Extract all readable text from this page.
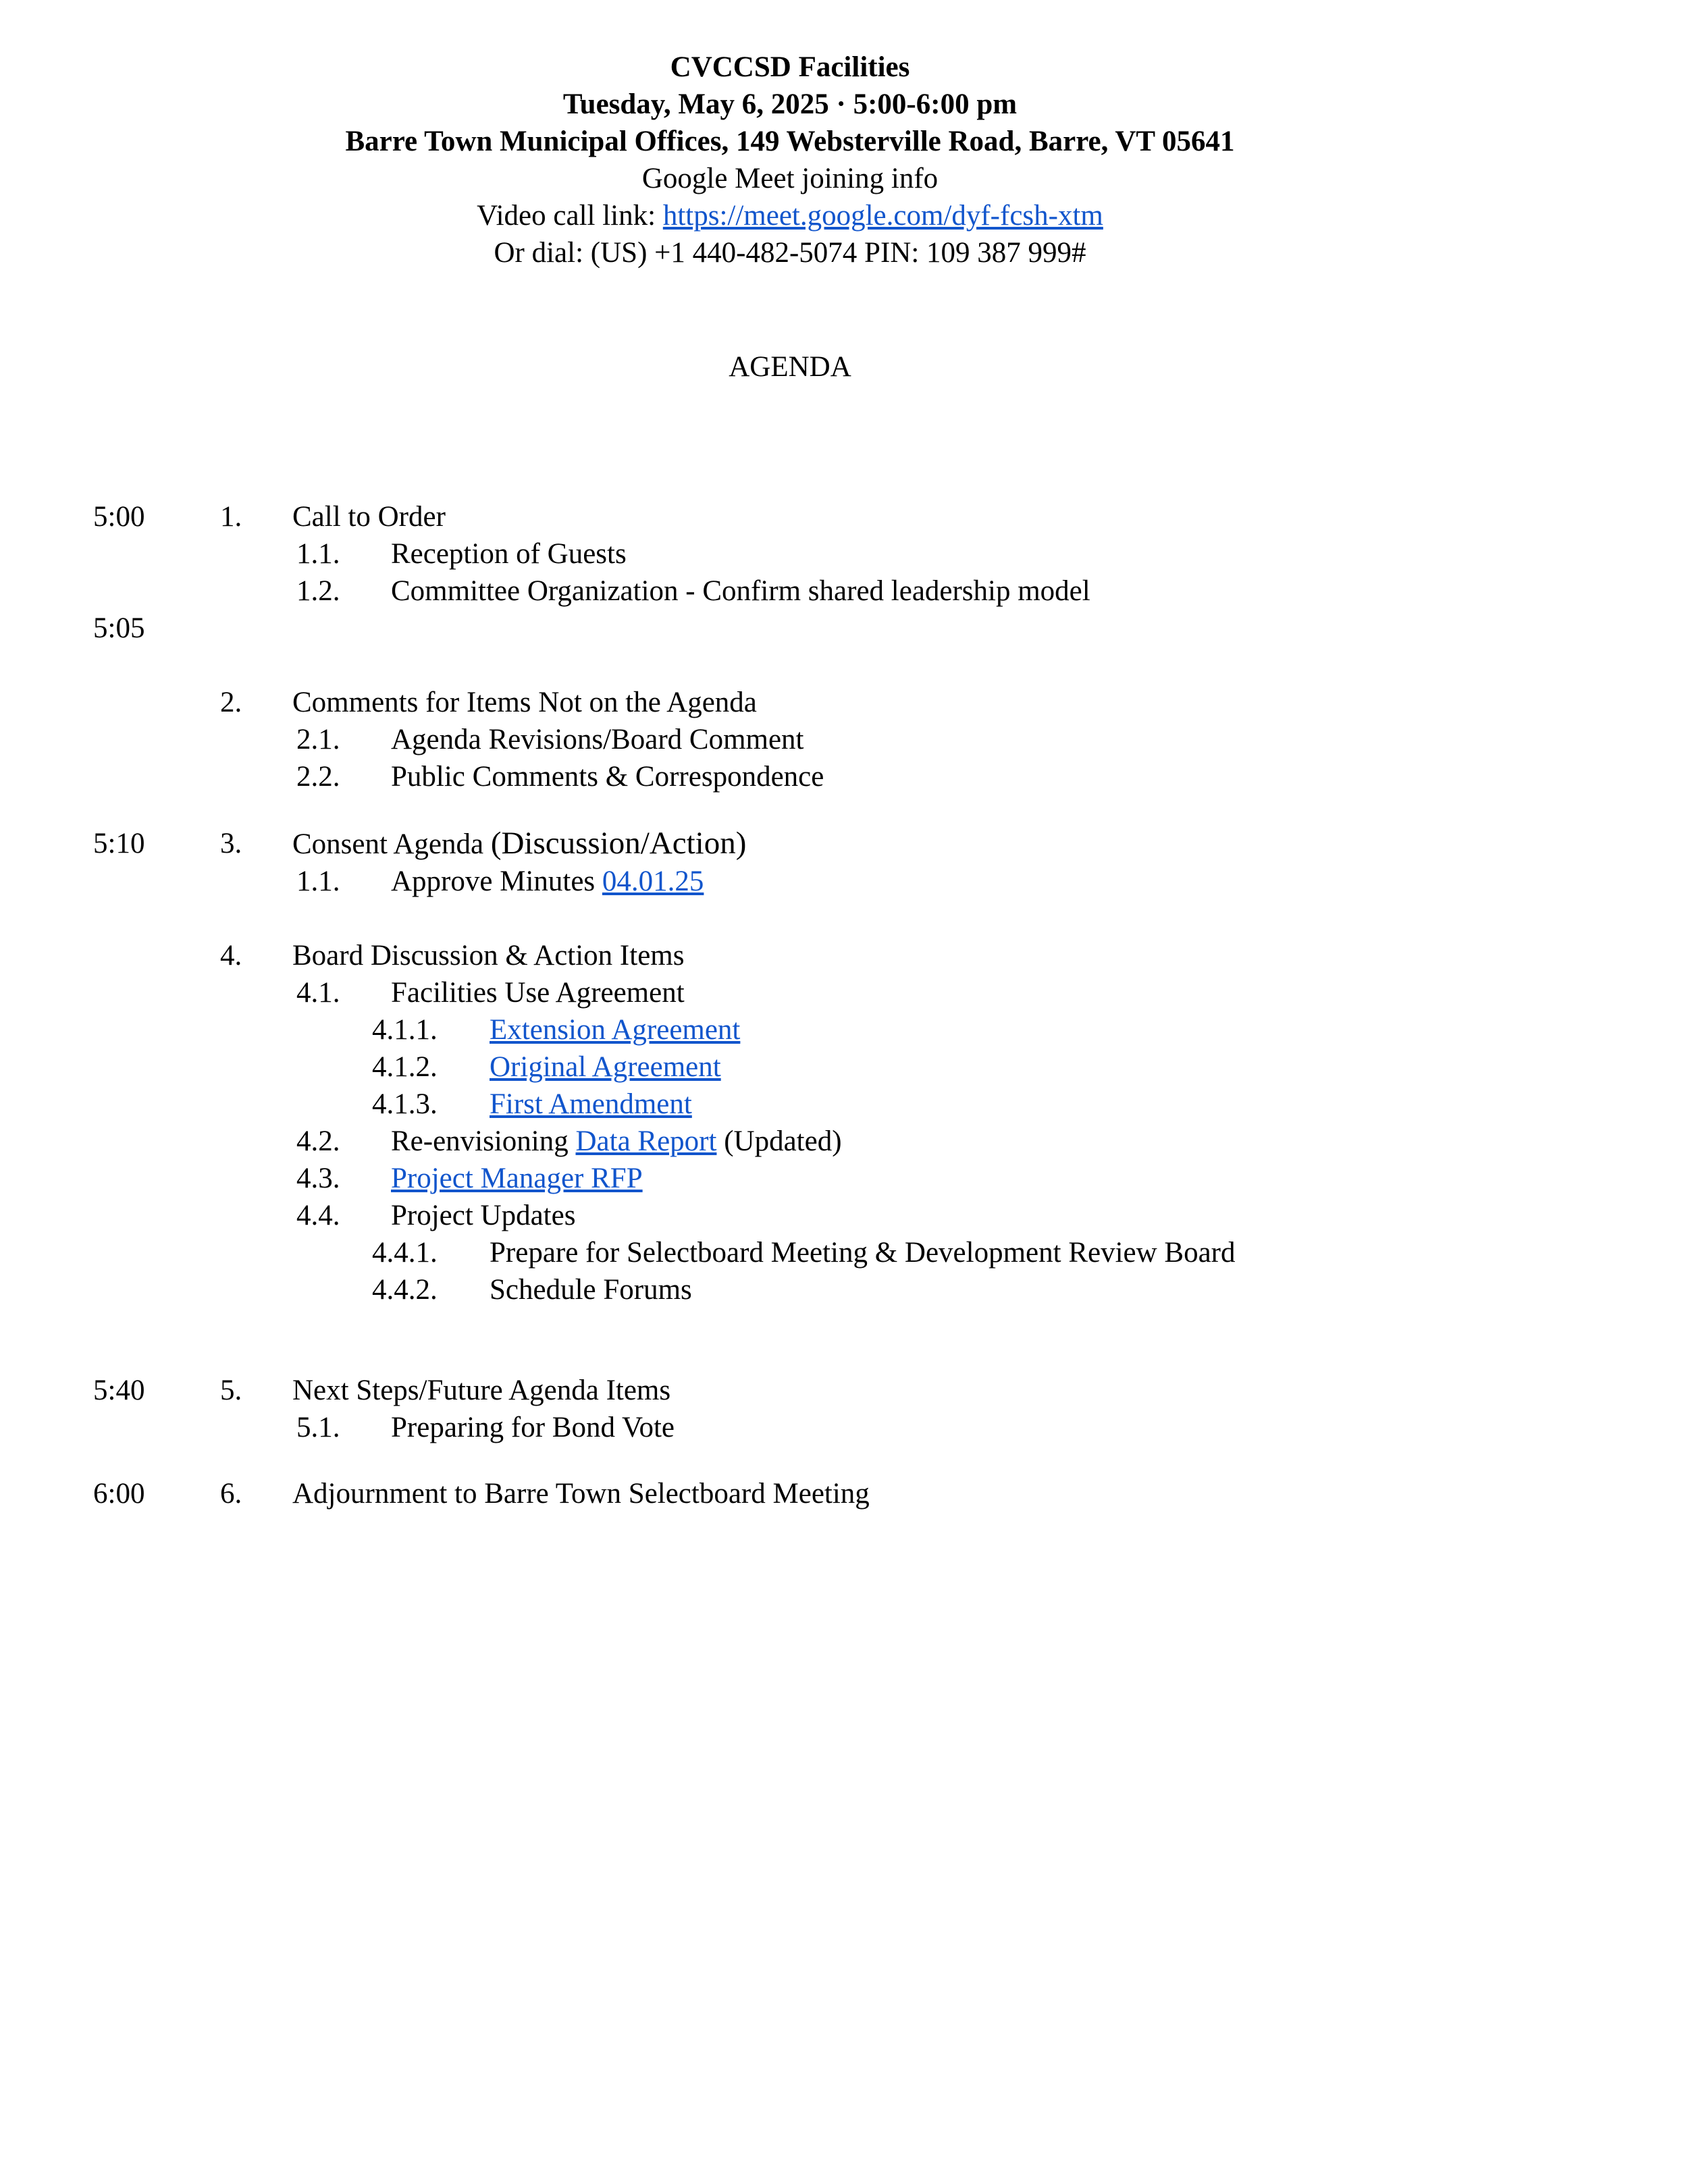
CVCCSD Facilities
Tuesday, May 6, 2025 · 5:00-6:00 pm
Barre Town Municipal Offices, 149 Websterville Road, Barre, VT 05641
Google Meet joining info
Video call link: https://meet.google.com/dyf-fcsh-xtm
Or dial: (US) +1 440-482-5074 PIN: 109 387 999#
AGENDA
5:00	1. Call to Order
1.1. Reception of Guests
1.2. Committee Organization - Confirm shared leadership model
5:05
2. Comments for Items Not on the Agenda
2.1. Agenda Revisions/Board Comment
2.2. Public Comments & Correspondence
5:10	3. Consent Agenda (Discussion/Action)
1.1. Approve Minutes 04.01.25
4. Board Discussion & Action Items
4.1. Facilities Use Agreement
4.1.1. Extension Agreement
4.1.2. Original Agreement
4.1.3. First Amendment
4.2. Re-envisioning Data Report (Updated)
4.3. Project Manager RFP
4.4. Project Updates
4.4.1. Prepare for Selectboard Meeting & Development Review Board
4.4.2. Schedule Forums
5:40	5. Next Steps/Future Agenda Items
5.1. Preparing for Bond Vote
6:00	6. Adjournment to Barre Town Selectboard Meeting
